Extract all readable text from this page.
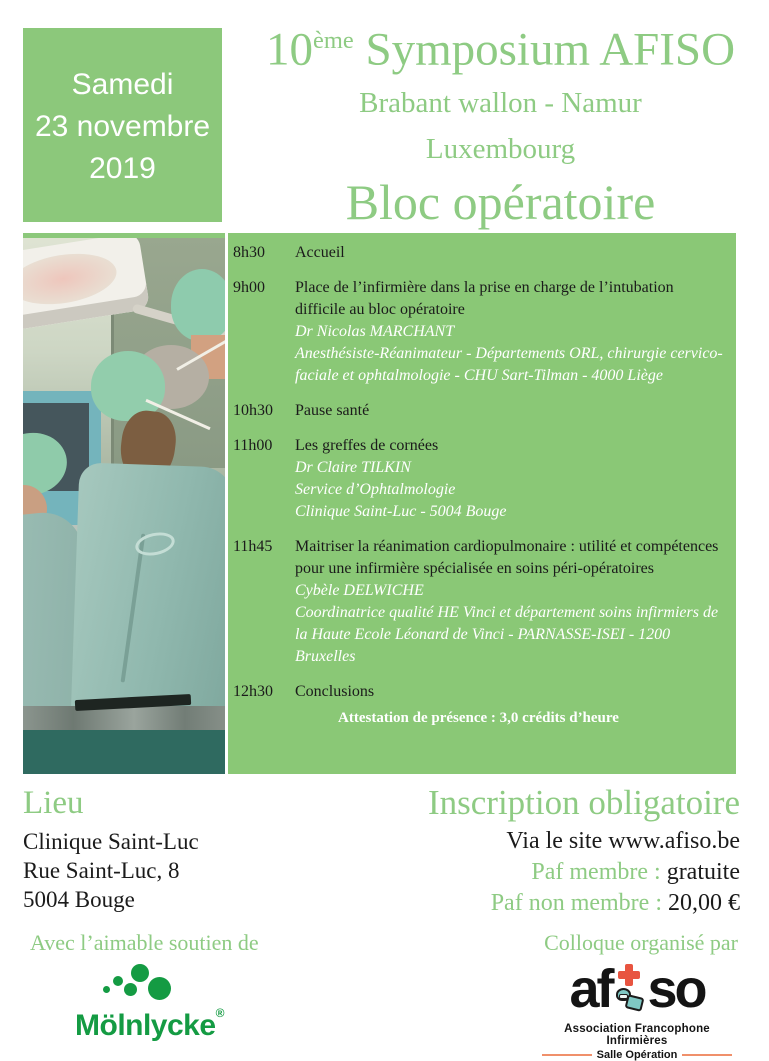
Samedi
23 novembre
2019
10ème Symposium AFISO
Brabant wallon - Namur
Luxembourg
Bloc opératoire
8h30	Accueil
9h00	Place de l’infirmière dans la prise en charge de l’intubation difficile au bloc opératoire
Dr Nicolas MARCHANT
Anesthésiste-Réanimateur - Départements ORL, chirurgie cervico-faciale et ophtalmologie - CHU Sart-Tilman - 4000 Liège
10h30	Pause santé
11h00	Les greffes de cornées
Dr Claire TILKIN
Service d’Ophtalmologie
Clinique Saint-Luc - 5004 Bouge
11h45	Maitriser la réanimation cardiopulmonaire : utilité et compétences pour une infirmière spécialisée en soins péri-opératoires
Cybèle DELWICHE
Coordinatrice qualité HE Vinci et département soins infirmiers de la Haute Ecole Léonard de Vinci - PARNASSE-ISEI - 1200 Bruxelles
12h30	Conclusions
Attestation de présence : 3,0 crédits d’heure
Lieu
Clinique Saint-Luc
Rue Saint-Luc, 8
5004 Bouge
Inscription obligatoire
Via le site www.afiso.be
Paf membre : gratuite
Paf non membre : 20,00 €
Avec l’aimable soutien de	Colloque organisé par
Mölnlycke®	af so
Association Francophone Infirmières
Salle Opération
